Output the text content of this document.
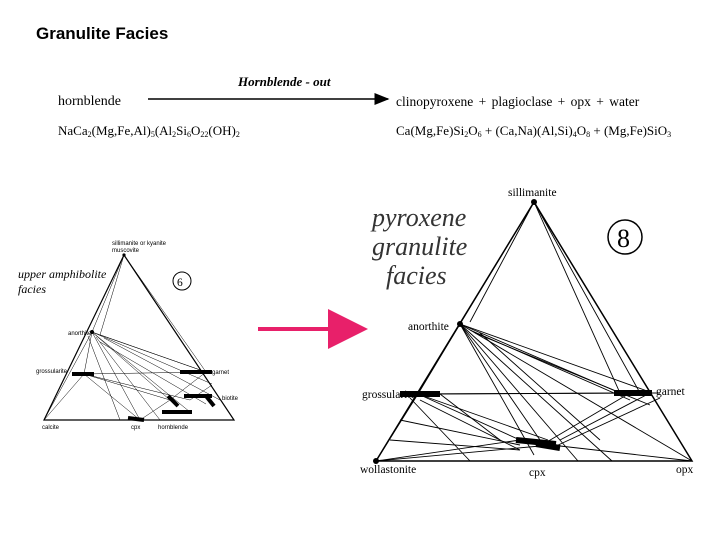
Granulite Facies
Hornblende - out
hornblende	clinopyroxene + plagioclase + opx + water
$NaCa_2(Mg,Fe,Al)_5(Al_2Si_6O_{22}(OH)_2$	$Ca(Mg,Fe)Si_2O_6 + (Ca,Na)(Al,Si)_4O_8 + (Mg,Fe)SiO_3$
sillimanite or kyanite
muscovite
upper amphibolite
facies	6
anorthite
grossularite	garnet
biotite
calcite	cpx	hornblende
pyroxene
granulite
facies
8
sillimanite
anorthite
grossularite	garnet
wollastonite	cpx	opx
